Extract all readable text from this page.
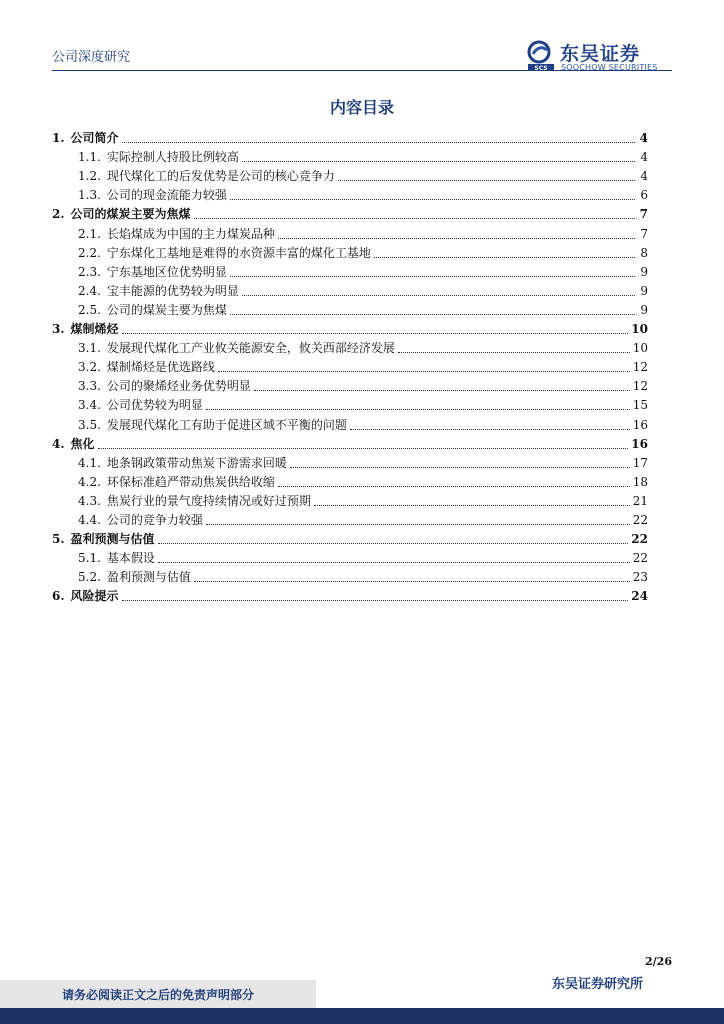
公司深度研究
SCS
东吴证券
SOOCHOW SECURITIES
内容目录
1. 公司简介	4
1.1. 实际控制人持股比例较高	4
1.2. 现代煤化工的后发优势是公司的核心竞争力	4
1.3. 公司的现金流能力较强	6
2. 公司的煤炭主要为焦煤	7
2.1. 长焰煤成为中国的主力煤炭品种	7
2.2. 宁东煤化工基地是难得的水资源丰富的煤化工基地	8
2.3. 宁东基地区位优势明显	9
2.4. 宝丰能源的优势较为明显	9
2.5. 公司的煤炭主要为焦煤	9
3. 煤制烯烃	10
3.1. 发展现代煤化工产业攸关能源安全，攸关西部经济发展	10
3.2. 煤制烯烃是优选路线	12
3.3. 公司的聚烯烃业务优势明显	12
3.4. 公司优势较为明显	15
3.5. 发展现代煤化工有助于促进区域不平衡的问题	16
4. 焦化	16
4.1. 地条钢政策带动焦炭下游需求回暖	17
4.2. 环保标准趋严带动焦炭供给收缩	18
4.3. 焦炭行业的景气度持续情况或好过预期	21
4.4. 公司的竞争力较强	22
5. 盈利预测与估值	22
5.1. 基本假设	22
5.2. 盈利预测与估值	23
6. 风险提示	24
2/26
请务必阅读正文之后的免责声明部分
东吴证券研究所
